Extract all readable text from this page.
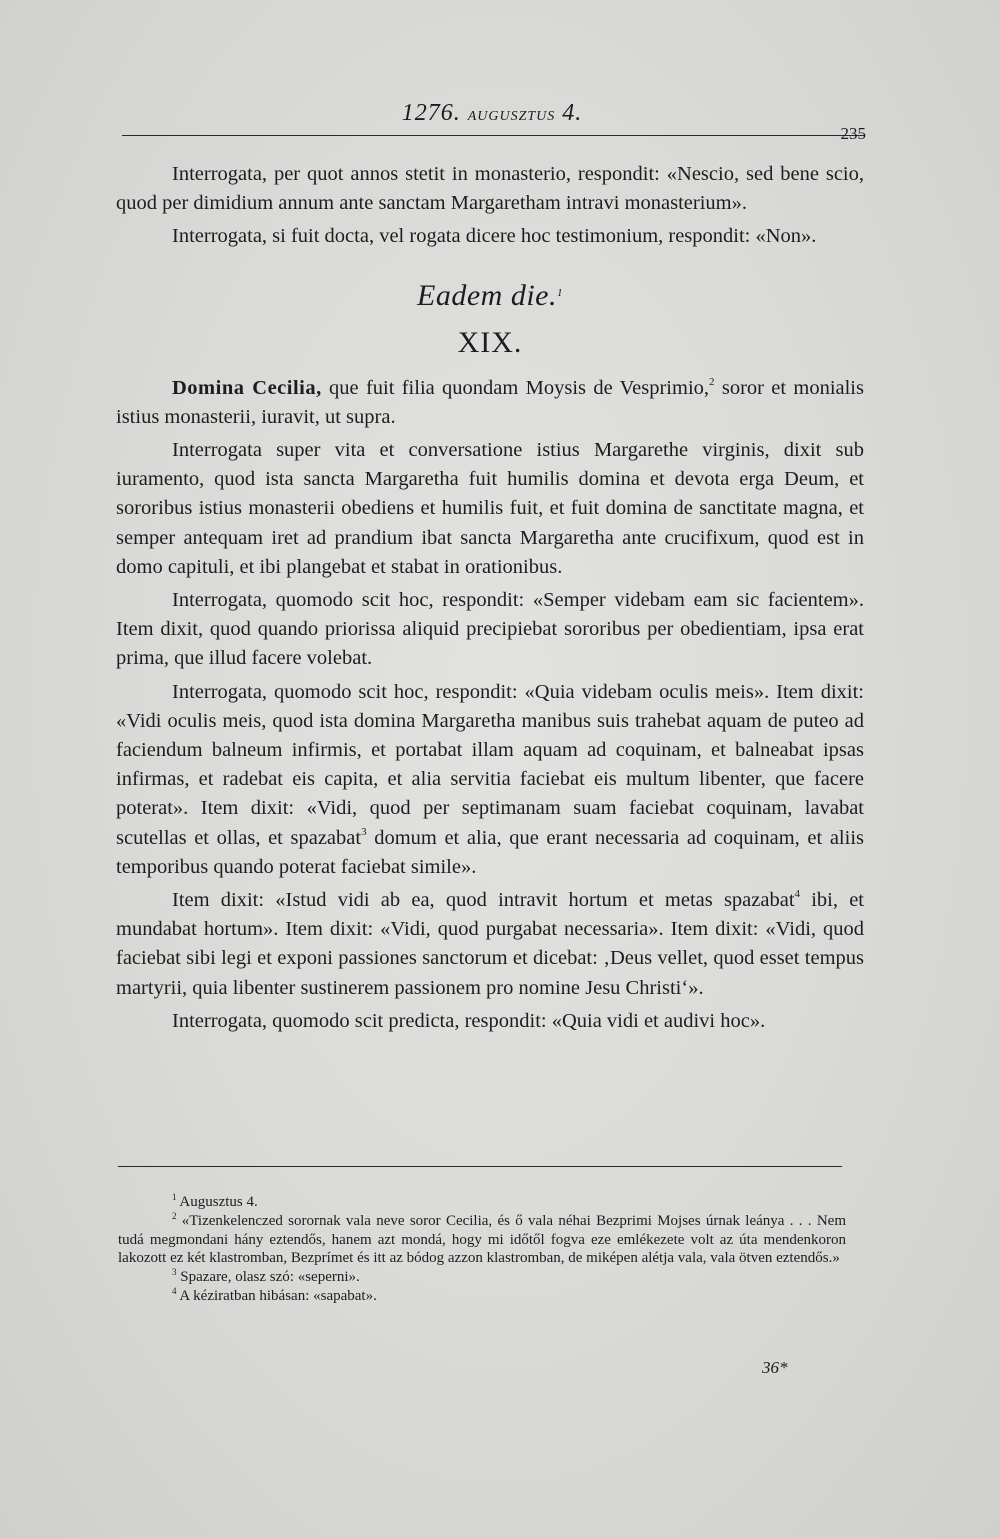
1276. AUGUSZTUS 4.
235

Interrogata, per quot annos stetit in monasterio, respondit: «Nescio, sed bene scio, quod per dimidium annum ante sanctam Margaretham intravi monasterium».

Interrogata, si fuit docta, vel rogata dicere hoc testimonium, respondit: «Non».

Eadem die.$^1$
XIX.

Domina Cecilia, que fuit filia quondam Moysis de Vesprimio,$^2$ soror et monialis istius monasterii, iuravit, ut supra.

Interrogata super vita et conversatione istius Margarethe virginis, dixit sub iuramento, quod ista sancta Margaretha fuit humilis domina et devota erga Deum, et sororibus istius monasterii obediens et humilis fuit, et fuit domina de sanctitate magna, et semper antequam iret ad prandium ibat sancta Margaretha ante crucifixum, quod est in domo capituli, et ibi plangebat et stabat in orationibus.

Interrogata, quomodo scit hoc, respondit: «Semper videbam eam sic facientem». Item dixit, quod quando priorissa aliquid precipiebat sororibus per obedientiam, ipsa erat prima, que illud facere volebat.

Interrogata, quomodo scit hoc, respondit: «Quia videbam oculis meis». Item dixit: «Vidi oculis meis, quod ista domina Margaretha manibus suis trahebat aquam de puteo ad faciendum balneum infirmis, et portabat illam aquam ad coquinam, et balneabat ipsas infirmas, et radebat eis capita, et alia servitia faciebat eis multum libenter, que facere poterat». Item dixit: «Vidi, quod per septimanam suam faciebat coquinam, lavabat scutellas et ollas, et spazabat$^3$ domum et alia, que erant necessaria ad coquinam, et aliis temporibus quando poterat faciebat simile».

Item dixit: «Istud vidi ab ea, quod intravit hortum et metas spazabat$^4$ ibi, et mundabat hortum». Item dixit: «Vidi, quod purgabat necessaria». Item dixit: «Vidi, quod faciebat sibi legi et exponi passiones sanctorum et dicebat: ‚Deus vellet, quod esset tempus martyrii, quia libenter sustinerem passionem pro nomine Jesu Christi‘».

Interrogata, quomodo scit predicta, respondit: «Quia vidi et audivi hoc».

$^1$ Augusztus 4.

$^2$ «Tizenkelenczed sorornak vala neve soror Cecilia, és ő vala néhai Bezprimi Mojses úrnak leánya . . . Nem tudá megmondani hány eztendős, hanem azt mondá, hogy mi időtől fogva eze emlékezete volt az úta mendenkoron lakozott ez két klastromban, Bezprímet és itt az bódog azzon klastromban, de miképen alétja vala, vala ötven eztendős.»

$^3$ Spazare, olasz szó: «seperni».

$^4$ A kéziratban hibásan: «sapabat».

36*
